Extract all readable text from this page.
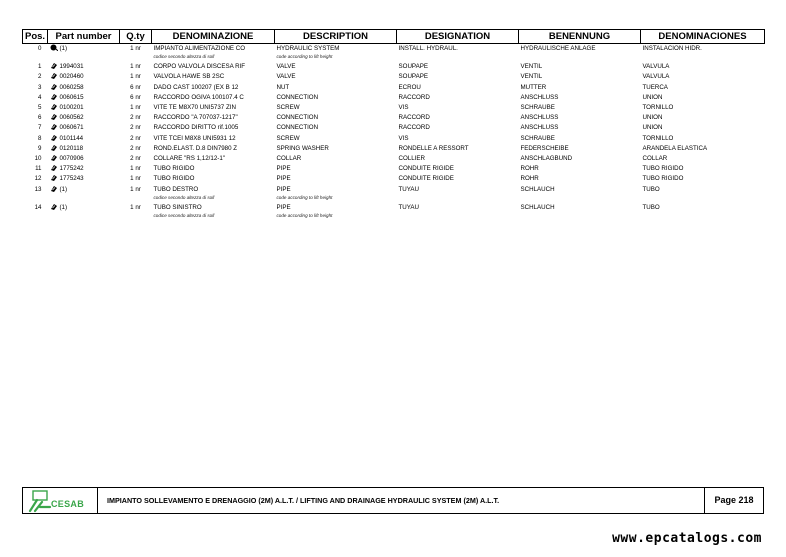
Pos.	Part number	Q.ty	DENOMINAZIONE	DESCRIPTION	DESIGNATION	BENENNUNG	DENOMINACIONES
0	(1)	1 nr	IMPIANTO ALIMENTAZIONE CO	HYDRAULIC SYSTEM	INSTALL. HYDRAUL.	HYDRAULISCHE ANLAGE	INSTALACION HIDR.
			codice secondo altezza di soll	code according to lift height			
1	1994031	1 nr	CORPO VALVOLA DISCESA RIF	VALVE	SOUPAPE	VENTIL	VALVULA
2	0020460	1 nr	VALVOLA HAWE SB 2SC	VALVE	SOUPAPE	VENTIL	VALVULA
3	0060258	6 nr	DADO CAST 100207 (EX B 12	NUT	ECROU	MUTTER	TUERCA
4	0060615	6 nr	RACCORDO OGIVA 100107.4 C	CONNECTION	RACCORD	ANSCHLUSS	UNION
5	0100201	1 nr	VITE TE M8X70 UNI5737 ZIN	SCREW	VIS	SCHRAUBE	TORNILLO
6	0060562	2 nr	RACCORDO "A 707037-1217"	CONNECTION	RACCORD	ANSCHLUSS	UNION
7	0060671	2 nr	RACCORDO DIRITTO rif.1005	CONNECTION	RACCORD	ANSCHLUSS	UNION
8	0101144	2 nr	VITE TCEI M8X8 UNI5931 12	SCREW	VIS	SCHRAUBE	TORNILLO
9	0120118	2 nr	ROND.ELAST. D.8 DIN7980 Z	SPRING WASHER	RONDELLE A RESSORT	FEDERSCHEIBE	ARANDELA ELASTICA
10	0070906	2 nr	COLLARE "RS 1,12/12-1"	COLLAR	COLLIER	ANSCHLAGBUND	COLLAR
11	1775242	1 nr	TUBO RIGIDO	PIPE	CONDUITE RIGIDE	ROHR	TUBO RIGIDO
12	1775243	1 nr	TUBO RIGIDO	PIPE	CONDUITE RIGIDE	ROHR	TUBO RIGIDO
13	(1)	1 nr	TUBO DESTRO	PIPE	TUYAU	SCHLAUCH	TUBO
			codice secondo altezza di soll	code according to lift height			
14	(1)	1 nr	TUBO SINISTRO	PIPE	TUYAU	SCHLAUCH	TUBO
			codice secondo altezza di soll	code according to lift height			
CESAB	IMPIANTO SOLLEVAMENTO E DRENAGGIO (2M) A.L.T. / LIFTING AND DRAINAGE HYDRAULIC SYSTEM (2M) A.L.T.	Page 218
www.epcatalogs.com
